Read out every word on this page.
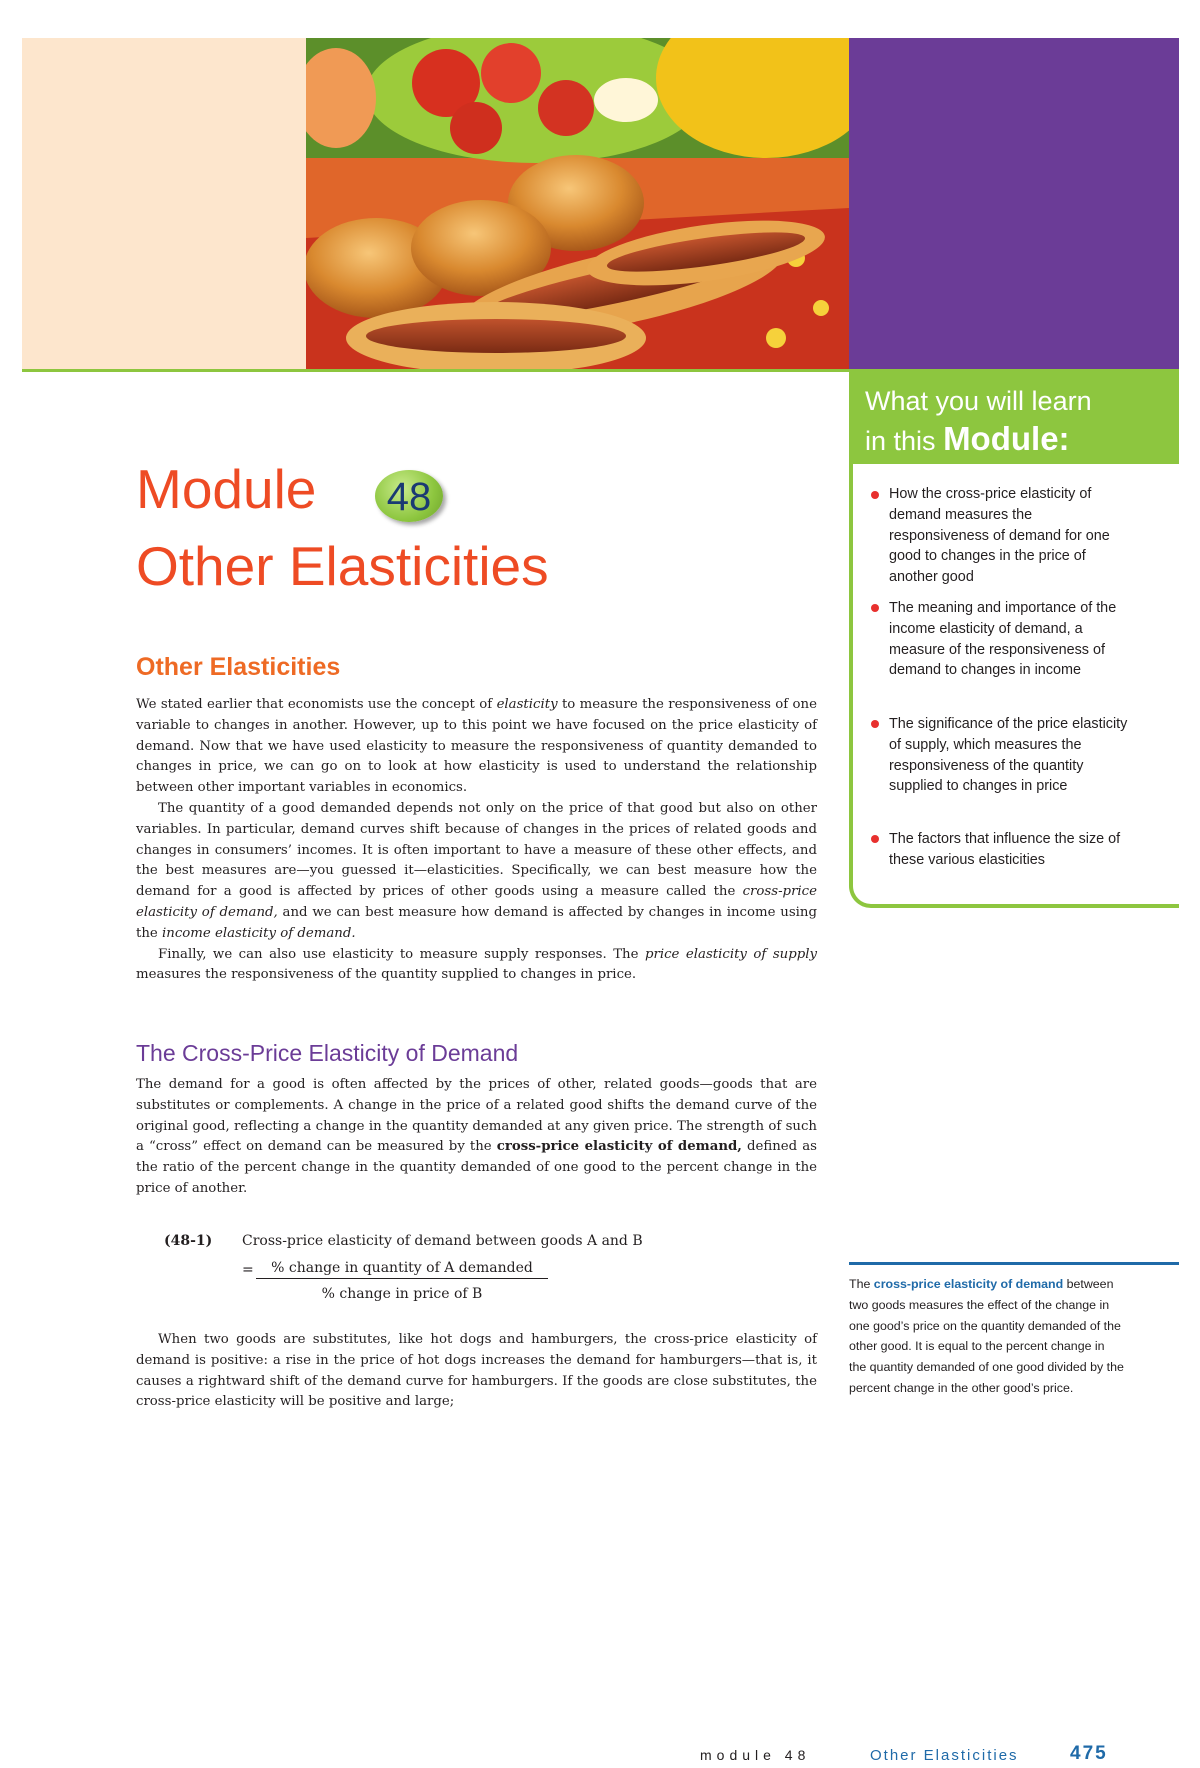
What you will learn
in this Module:
How the cross-price elasticity of demand measures the responsiveness of demand for one good to changes in the price of another good
The meaning and importance of the income elasticity of demand, a measure of the responsiveness of demand to changes in income
The significance of the price elasticity of supply, which measures the responsiveness of the quantity supplied to changes in price
The factors that influence the size of these various elasticities
Module 48
Other Elasticities
Other Elasticities

We stated earlier that economists use the concept of elasticity to measure the responsiveness of one variable to changes in another. However, up to this point we have focused on the price elasticity of demand. Now that we have used elasticity to measure the responsiveness of quantity demanded to changes in price, we can go on to look at how elasticity is used to understand the relationship between other important variables in economics.

The quantity of a good demanded depends not only on the price of that good but also on other variables. In particular, demand curves shift because of changes in the prices of related goods and changes in consumers’ incomes. It is often important to have a measure of these other effects, and the best measures are—you guessed it—elasticities. Specifically, we can best measure how the demand for a good is affected by prices of other goods using a measure called the cross-price elasticity of demand, and we can best measure how demand is affected by changes in income using the income elasticity of demand.

Finally, we can also use elasticity to measure supply responses. The price elasticity of supply measures the responsiveness of the quantity supplied to changes in price.

The Cross-Price Elasticity of Demand

The demand for a good is often affected by the prices of other, related goods—goods that are substitutes or complements. A change in the price of a related good shifts the demand curve of the original good, reflecting a change in the quantity demanded at any given price. The strength of such a “cross” effect on demand can be measured by the cross-price elasticity of demand, defined as the ratio of the percent change in the quantity demanded of one good to the percent change in the price of another.

(48-1) Cross-price elasticity of demand between goods A and B
=	% change in quantity of A demanded
% change in price of B

When two goods are substitutes, like hot dogs and hamburgers, the cross-price elasticity of demand is positive: a rise in the price of hot dogs increases the demand for hamburgers—that is, it causes a rightward shift of the demand curve for hamburgers. If the goods are close substitutes, the cross-price elasticity will be positive and large;

The cross-price elasticity of demand between two goods measures the effect of the change in one good’s price on the quantity demanded of the other good. It is equal to the percent change in the quantity demanded of one good divided by the percent change in the other good’s price.
module 48	Other Elasticities	475
